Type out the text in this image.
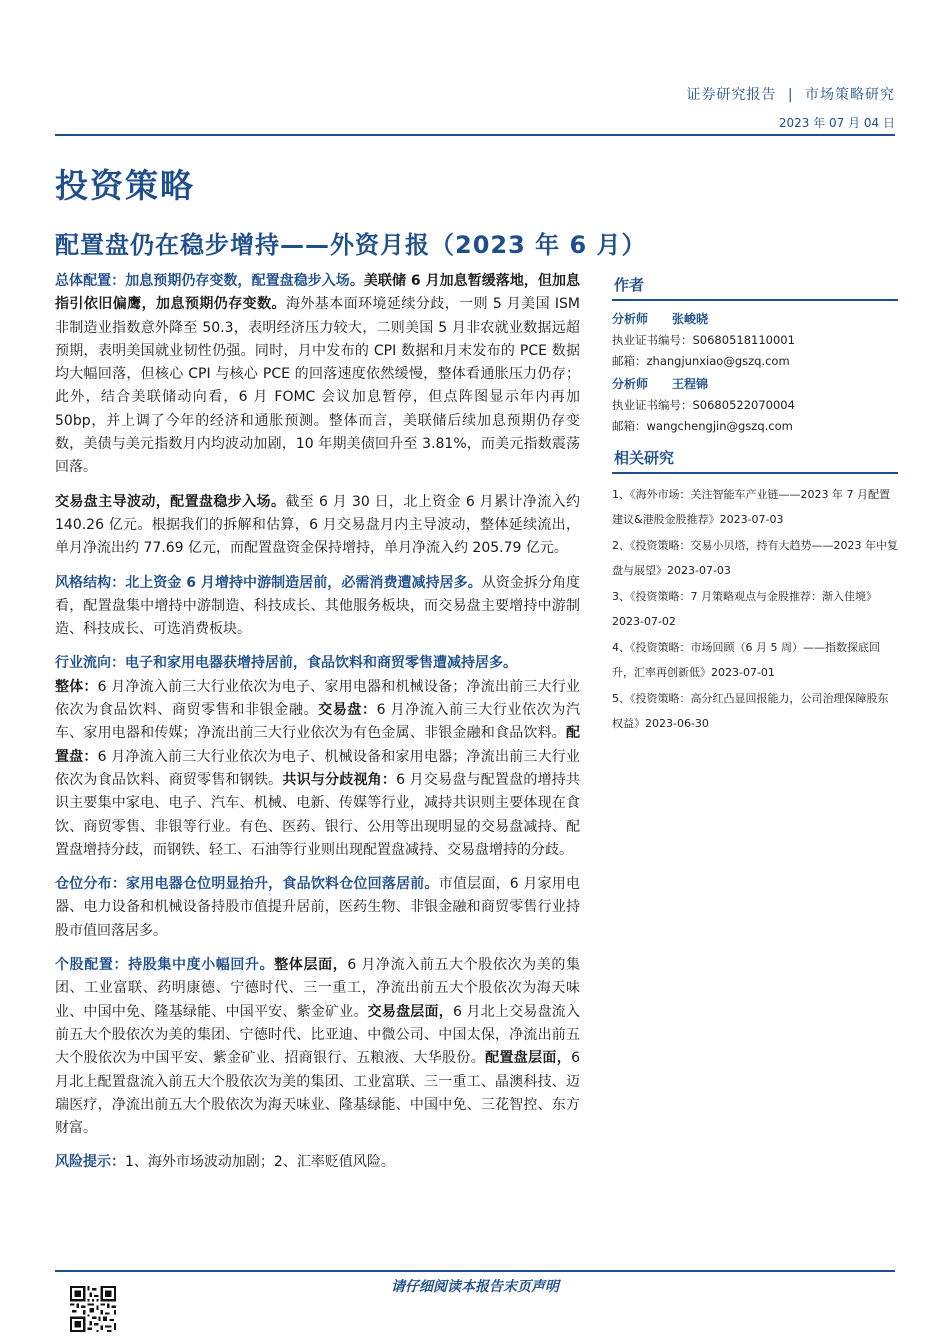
证券研究报告 | 市场策略研究
2023 年 07 月 04 日
投资策略
配置盘仍在稳步增持——外资月报（2023 年 6 月）

总体配置：加息预期仍存变数，配置盘稳步入场。美联储 6 月加息暂缓落地，但加息指引依旧偏鹰，加息预期仍存变数。海外基本面环境延续分歧，一则 5 月美国 ISM 非制造业指数意外降至 50.3，表明经济压力较大，二则美国 5 月非农就业数据远超预期，表明美国就业韧性仍强。同时，月中发布的 CPI 数据和月末发布的 PCE 数据均大幅回落，但核心 CPI 与核心 PCE 的回落速度依然缓慢，整体看通胀压力仍存；此外，结合美联储动向看，6 月 FOMC 会议加息暂停，但点阵图显示年内再加 50bp，并上调了今年的经济和通胀预测。整体而言，美联储后续加息预期仍存变数，美债与美元指数月内均波动加剧，10 年期美债回升至 3.81%，而美元指数震荡回落。

交易盘主导波动，配置盘稳步入场。截至 6 月 30 日，北上资金 6 月累计净流入约 140.26 亿元。根据我们的拆解和估算，6 月交易盘月内主导波动，整体延续流出，单月净流出约 77.69 亿元，而配置盘资金保持增持，单月净流入约 205.79 亿元。

风格结构：北上资金 6 月增持中游制造居前，必需消费遭减持居多。从资金拆分角度看，配置盘集中增持中游制造、科技成长、其他服务板块，而交易盘主要增持中游制造、科技成长、可选消费板块。

行业流向：电子和家用电器获增持居前，食品饮料和商贸零售遭减持居多。
整体：6 月净流入前三大行业依次为电子、家用电器和机械设备；净流出前三大行业依次为食品饮料、商贸零售和非银金融。交易盘：6 月净流入前三大行业依次为汽车、家用电器和传媒；净流出前三大行业依次为有色金属、非银金融和食品饮料。配置盘：6 月净流入前三大行业依次为电子、机械设备和家用电器；净流出前三大行业依次为食品饮料、商贸零售和钢铁。共识与分歧视角：6 月交易盘与配置盘的增持共识主要集中家电、电子、汽车、机械、电新、传媒等行业，减持共识则主要体现在食饮、商贸零售、非银等行业。有色、医药、银行、公用等出现明显的交易盘减持、配置盘增持分歧，而钢铁、轻工、石油等行业则出现配置盘减持、交易盘增持的分歧。

仓位分布：家用电器仓位明显抬升，食品饮料仓位回落居前。市值层面，6 月家用电器、电力设备和机械设备持股市值提升居前，医药生物、非银金融和商贸零售行业持股市值回落居多。

个股配置：持股集中度小幅回升。整体层面，6 月净流入前五大个股依次为美的集团、工业富联、药明康德、宁德时代、三一重工，净流出前五大个股依次为海天味业、中国中免、隆基绿能、中国平安、紫金矿业。交易盘层面，6 月北上交易盘流入前五大个股依次为美的集团、宁德时代、比亚迪、中微公司、中国太保，净流出前五大个股依次为中国平安、紫金矿业、招商银行、五粮液、大华股份。配置盘层面，6 月北上配置盘流入前五大个股依次为美的集团、工业富联、三一重工、晶澳科技、迈瑞医疗，净流出前五大个股依次为海天味业、隆基绿能、中国中免、三花智控、东方财富。

风险提示：1、海外市场波动加剧；2、汇率贬值风险。

作者
分析师 张峻晓
执业证书编号：S0680518110001
邮箱：zhangjunxiao@gszq.com
分析师 王程锦
执业证书编号：S0680522070004
邮箱：wangchengjin@gszq.com
相关研究
1、《海外市场：关注智能车产业链——2023 年 7 月配置建议&港股金股推荐》2023-07-03
2、《投资策略：交易小贝塔，持有大趋势——2023 年中复盘与展望》2023-07-03
3、《投资策略：7 月策略观点与金股推荐：渐入佳境》2023-07-02
4、《投资策略：市场回顾（6 月 5 周）——指数探底回升，汇率再创新低》2023-07-01
5、《投资策略：高分红凸显回报能力，公司治理保障股东权益》2023-06-30
请仔细阅读本报告末页声明
